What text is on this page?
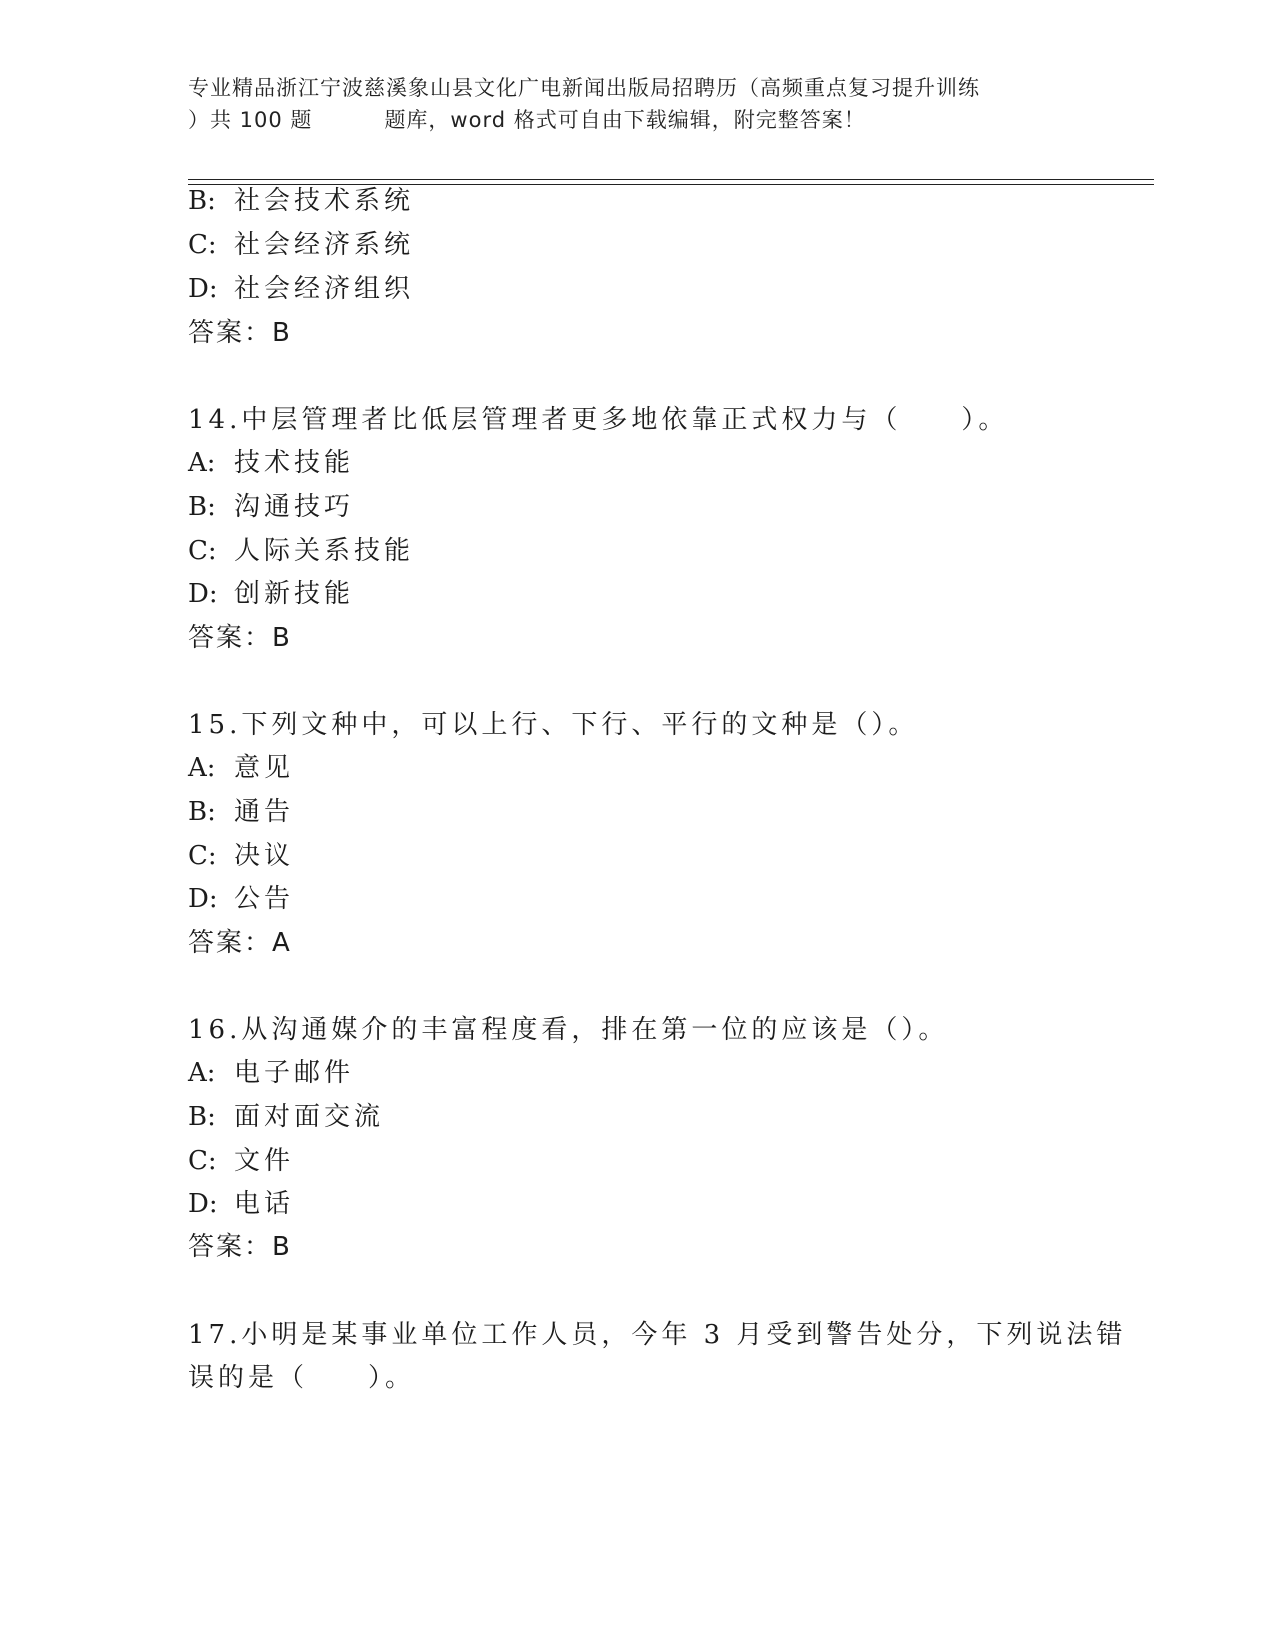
专业精品浙江宁波慈溪象山县文化广电新闻出版局招聘历（高频重点复习提升训练
）共 100 题	题库，word 格式可自由下载编辑，附完整答案！
B: 社会技术系统
C: 社会经济系统
D: 社会经济组织
答案：B
14.中层管理者比低层管理者更多地依靠正式权力与（　　）。
A: 技术技能
B: 沟通技巧
C: 人际关系技能
D: 创新技能
答案：B
15.下列文种中，可以上行、下行、平行的文种是（）。
A: 意见
B: 通告
C: 决议
D: 公告
答案：A
16.从沟通媒介的丰富程度看，排在第一位的应该是（）。
A: 电子邮件
B: 面对面交流
C: 文件
D: 电话
答案：B
17.小明是某事业单位工作人员，今年 3 月受到警告处分，下列说法错
误的是（　　）。
